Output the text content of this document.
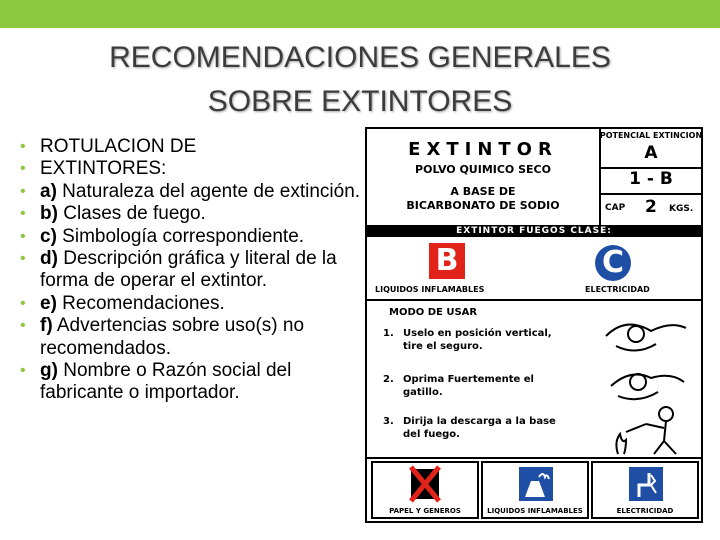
RECOMENDACIONES GENERALES
SOBRE EXTINTORES
• ROTULACION DE
• EXTINTORES:
• a) Naturaleza del agente de extinción.
• b) Clases de fuego.
• c) Simbología correspondiente.
• d) Descripción gráfica y literal de la forma de operar el extintor.
• e) Recomendaciones.
• f) Advertencias sobre uso(s) no recomendados.
• g) Nombre o Razón social del fabricante o importador.
EXTINTOR
POLVO QUIMICO SECO
A BASE DE
BICARBONATO DE SODIO
POTENCIAL EXTINCION
A
1 - B
CAP 2 KGS.
EXTINTOR FUEGOS CLASE:
B
LIQUIDOS INFLAMABLES
C
ELECTRICIDAD
MODO DE USAR
1. Uselo en posición vertical, tire el seguro.
2. Oprima Fuertemente el gatillo.
3. Dirija la descarga a la base del fuego.
PAPEL Y GENEROS	LIQUIDOS INFLAMABLES	ELECTRICIDAD
